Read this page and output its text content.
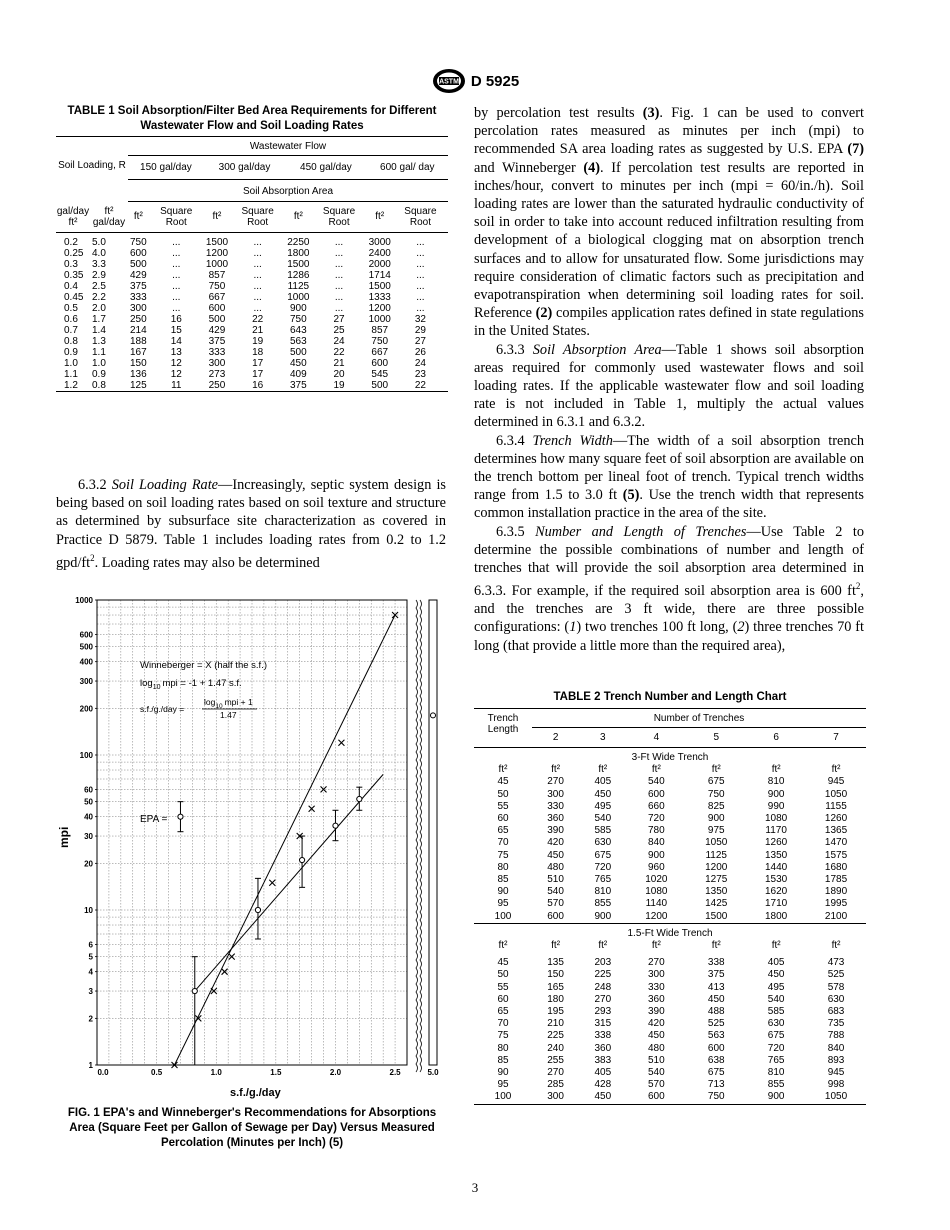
ASTM D 5925
TABLE 1 Soil Absorption/Filter Bed Area Requirements for Different Wastewater Flow and Soil Loading Rates
Soil Loading, R		Wastewater Flow							
		150 gal/day		300 gal/day		450 gal/day		600 gal/ day	
		Soil Absorption Area							
gal/day ft²	ft² gal/day	ft²	Square Root	ft²	Square Root	ft²	Square Root	ft²	Square Root
0.2	5.0	750	...	1500	...	2250	...	3000	...
0.25	4.0	600	...	1200	...	1800	...	2400	...
0.3	3.3	500	...	1000	...	1500	...	2000	...
0.35	2.9	429	...	857	...	1286	...	1714	...
0.4	2.5	375	...	750	...	1125	...	1500	...
0.45	2.2	333	...	667	...	1000	...	1333	...
0.5	2.0	300	...	600	...	900	...	1200	...
0.6	1.7	250	16	500	22	750	27	1000	32
0.7	1.4	214	15	429	21	643	25	857	29
0.8	1.3	188	14	375	19	563	24	750	27
0.9	1.1	167	13	333	18	500	22	667	26
1.0	1.0	150	12	300	17	450	21	600	24
1.1	0.9	136	12	273	17	409	20	545	23
1.2	0.8	125	11	250	16	375	19	500	22

6.3.2 Soil Loading Rate—Increasingly, septic system design is being based on soil loading rates based on soil texture and structure as determined by subsurface site characterization as covered in Practice D 5879. Table 1 includes loading rates from 0.2 to 1.2 gpd/$ft^2$. Loading rates may also be determined

1000
600
500
400
300
200
100
60
50
40
30
20
10
6
5
4
3
2
1
0.0	0.5	1.0	1.5	2.0	2.5	5.0
Winneberger = X (half the s.f.)
$\log_{10}$ mpi = -1 + 1.47 s.f.
s.f./g./day =
$\log_{10}$ mpi + 1
1.47
EPA =
mpi
s.f./g./day
FIG. 1 EPA's and Winneberger's Recommendations for Absorptions Area (Square Feet per Gallon of Sewage per Day) Versus Measured Percolation (Minutes per Inch) (5)

by percolation test results (3). Fig. 1 can be used to convert percolation rates measured as minutes per inch (mpi) to recommended SA area loading rates as suggested by U.S. EPA (7) and Winneberger (4). If percolation test results are reported in inches/hour, convert to minutes per inch (mpi = 60/in./h). Soil loading rates are lower than the saturated hydraulic conductivity of soil in order to take into account reduced infiltration resulting from development of a biological clogging mat on absorption trench surfaces and to allow for unsaturated flow. Some jurisdictions may require consideration of climatic factors such as precipitation and evapotranspiration when determining soil loading rates for soil. Reference (2) compiles application rates defined in state regulations in the United States.

6.3.3 Soil Absorption Area—Table 1 shows soil absorption areas required for commonly used wastewater flows and soil loading rates. If the applicable wastewater flow and soil loading rate is not included in Table 1, multiply the actual values determined in 6.3.1 and 6.3.2.

6.3.4 Trench Width—The width of a soil absorption trench determines how many square feet of soil absorption are available on the trench bottom per lineal foot of trench. Typical trench widths range from 1.5 to 3.0 ft (5). Use the trench width that represents common installation practice in the area of the site.

6.3.5 Number and Length of Trenches—Use Table 2 to determine the possible combinations of number and length of trenches that will provide the soil absorption area determined in 6.3.3. For example, if the required soil absorption area is 600 $ft^2$, and the trenches are 3 ft wide, there are three possible configurations: (1) two trenches 100 ft long, (2) three trenches 70 ft long (that provide a little more than the required area),

TABLE 2 Trench Number and Length Chart
Trench Length	Number of Trenches					
	2	3	4	5	6	7
3-Ft Wide Trench						
ft²	ft²	ft²	ft²	ft²	ft²	ft²
45	270	405	540	675	810	945
50	300	450	600	750	900	1050
55	330	495	660	825	990	1155
60	360	540	720	900	1080	1260
65	390	585	780	975	1170	1365
70	420	630	840	1050	1260	1470
75	450	675	900	1125	1350	1575
80	480	720	960	1200	1440	1680
85	510	765	1020	1275	1530	1785
90	540	810	1080	1350	1620	1890
95	570	855	1140	1425	1710	1995
100	600	900	1200	1500	1800	2100
1.5-Ft Wide Trench						
ft²	ft²	ft²	ft²	ft²	ft²	ft²
45	135	203	270	338	405	473
50	150	225	300	375	450	525
55	165	248	330	413	495	578
60	180	270	360	450	540	630
65	195	293	390	488	585	683
70	210	315	420	525	630	735
75	225	338	450	563	675	788
80	240	360	480	600	720	840
85	255	383	510	638	765	893
90	270	405	540	675	810	945
95	285	428	570	713	855	998
100	300	450	600	750	900	1050
3
